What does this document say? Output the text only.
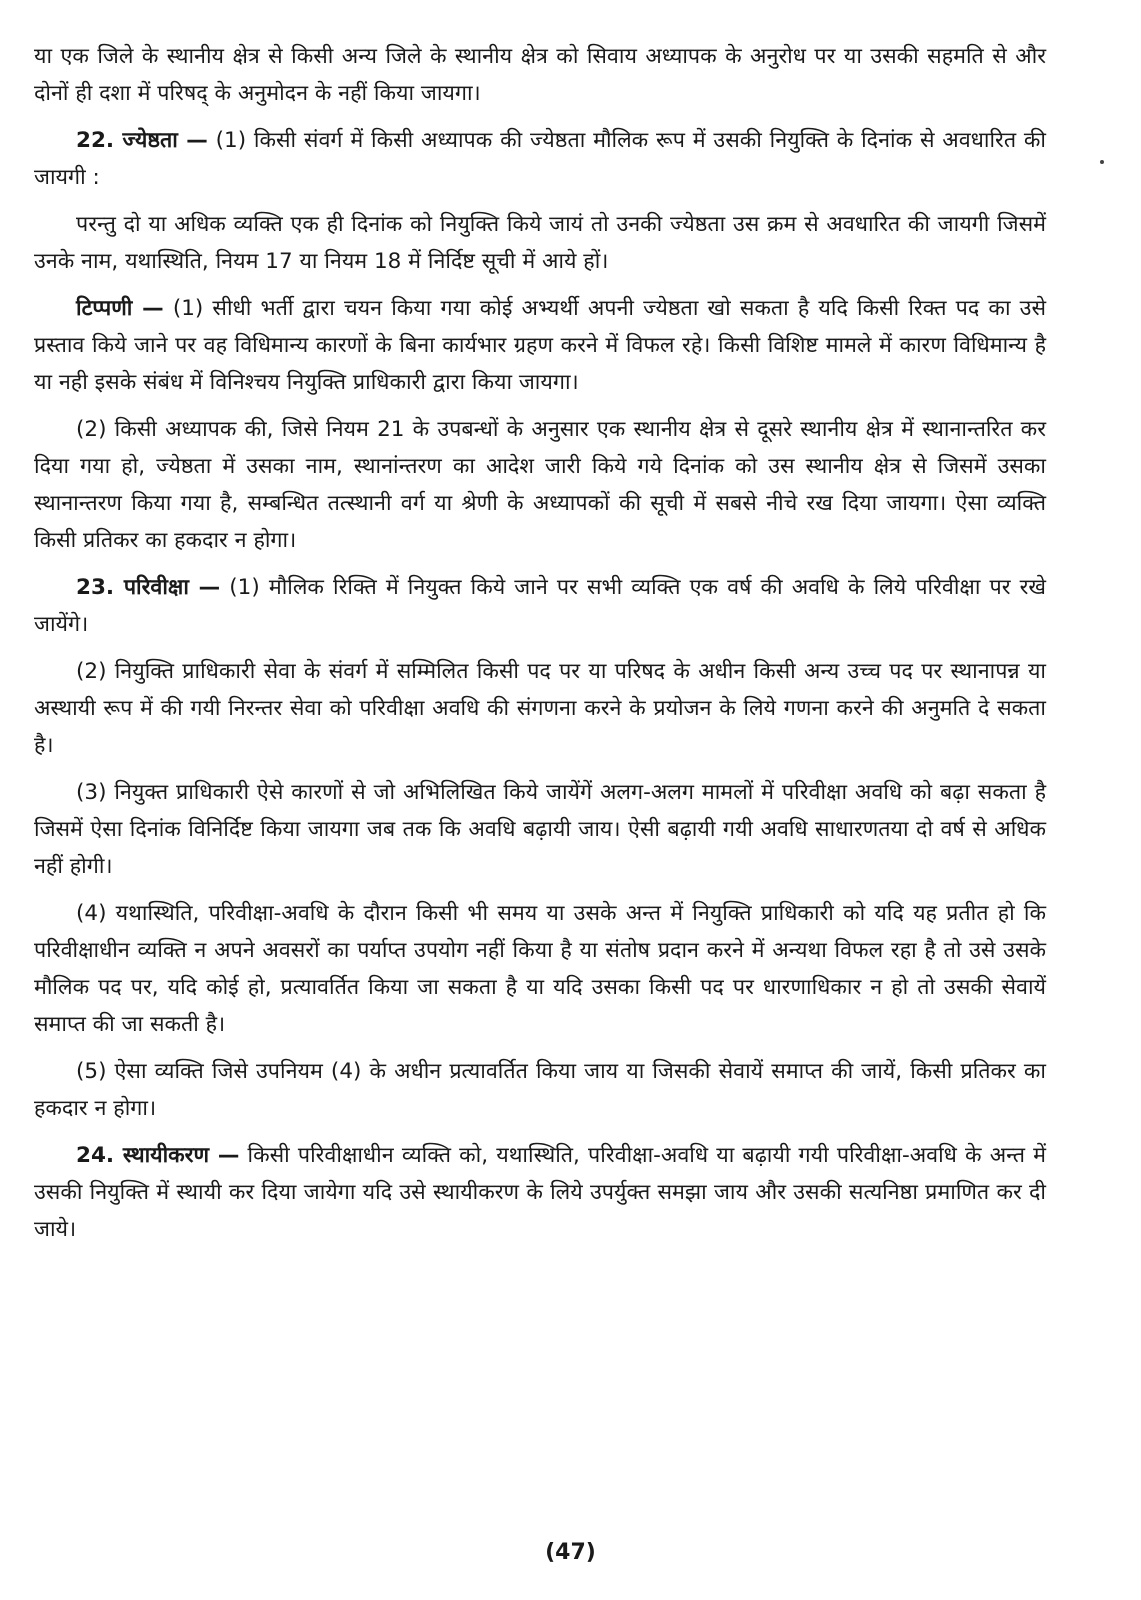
या एक जिले के स्थानीय क्षेत्र से किसी अन्य जिले के स्थानीय क्षेत्र को सिवाय अध्यापक के अनुरोध पर या उसकी सहमति से और दोनों ही दशा में परिषद् के अनुमोदन के नहीं किया जायगा।

22. ज्येष्ठता — (1) किसी संवर्ग में किसी अध्यापक की ज्येष्ठता मौलिक रूप में उसकी नियुक्ति के दिनांक से अवधारित की जायगी :

परन्तु दो या अधिक व्यक्ति एक ही दिनांक को नियुक्ति किये जायं तो उनकी ज्येष्ठता उस क्रम से अवधारित की जायगी जिसमें उनके नाम, यथास्थिति, नियम 17 या नियम 18 में निर्दिष्ट सूची में आये हों।

टिप्पणी — (1) सीधी भर्ती द्वारा चयन किया गया कोई अभ्यर्थी अपनी ज्येष्ठता खो सकता है यदि किसी रिक्त पद का उसे प्रस्ताव किये जाने पर वह विधिमान्य कारणों के बिना कार्यभार ग्रहण करने में विफल रहे। किसी विशिष्ट मामले में कारण विधिमान्य है या नही इसके संबंध में विनिश्चय नियुक्ति प्राधिकारी द्वारा किया जायगा।

(2) किसी अध्यापक की, जिसे नियम 21 के उपबन्धों के अनुसार एक स्थानीय क्षेत्र से दूसरे स्थानीय क्षेत्र में स्थानान्तरित कर दिया गया हो, ज्येष्ठता में उसका नाम, स्थानांन्तरण का आदेश जारी किये गये दिनांक को उस स्थानीय क्षेत्र से जिसमें उसका स्थानान्तरण किया गया है, सम्बन्धित तत्स्थानी वर्ग या श्रेणी के अध्यापकों की सूची में सबसे नीचे रख दिया जायगा। ऐसा व्यक्ति किसी प्रतिकर का हकदार न होगा।

23. परिवीक्षा — (1) मौलिक रिक्ति में नियुक्त किये जाने पर सभी व्यक्ति एक वर्ष की अवधि के लिये परिवीक्षा पर रखे जायेंगे।

(2) नियुक्ति प्राधिकारी सेवा के संवर्ग में सम्मिलित किसी पद पर या परिषद के अधीन किसी अन्य उच्च पद पर स्थानापन्न या अस्थायी रूप में की गयी निरन्तर सेवा को परिवीक्षा अवधि की संगणना करने के प्रयोजन के लिये गणना करने की अनुमति दे सकता है।

(3) नियुक्त प्राधिकारी ऐसे कारणों से जो अभिलिखित किये जायेंगें अलग-अलग मामलों में परिवीक्षा अवधि को बढ़ा सकता है जिसमें ऐसा दिनांक विनिर्दिष्ट किया जायगा जब तक कि अवधि बढ़ायी जाय। ऐसी बढ़ायी गयी अवधि साधारणतया दो वर्ष से अधिक नहीं होगी।

(4) यथास्थिति, परिवीक्षा-अवधि के दौरान किसी भी समय या उसके अन्त में नियुक्ति प्राधिकारी को यदि यह प्रतीत हो कि परिवीक्षाधीन व्यक्ति न अपने अवसरों का पर्याप्त उपयोग नहीं किया है या संतोष प्रदान करने में अन्यथा विफल रहा है तो उसे उसके मौलिक पद पर, यदि कोई हो, प्रत्यावर्तित किया जा सकता है या यदि उसका किसी पद पर धारणाधिकार न हो तो उसकी सेवायें समाप्त की जा सकती है।

(5) ऐसा व्यक्ति जिसे उपनियम (4) के अधीन प्रत्यावर्तित किया जाय या जिसकी सेवायें समाप्त की जायें, किसी प्रतिकर का हकदार न होगा।

24. स्थायीकरण — किसी परिवीक्षाधीन व्यक्ति को, यथास्थिति, परिवीक्षा-अवधि या बढ़ायी गयी परिवीक्षा-अवधि के अन्त में उसकी नियुक्ति में स्थायी कर दिया जायेगा यदि उसे स्थायीकरण के लिये उपर्युक्त समझा जाय और उसकी सत्यनिष्ठा प्रमाणित कर दी जाये।

(47)
